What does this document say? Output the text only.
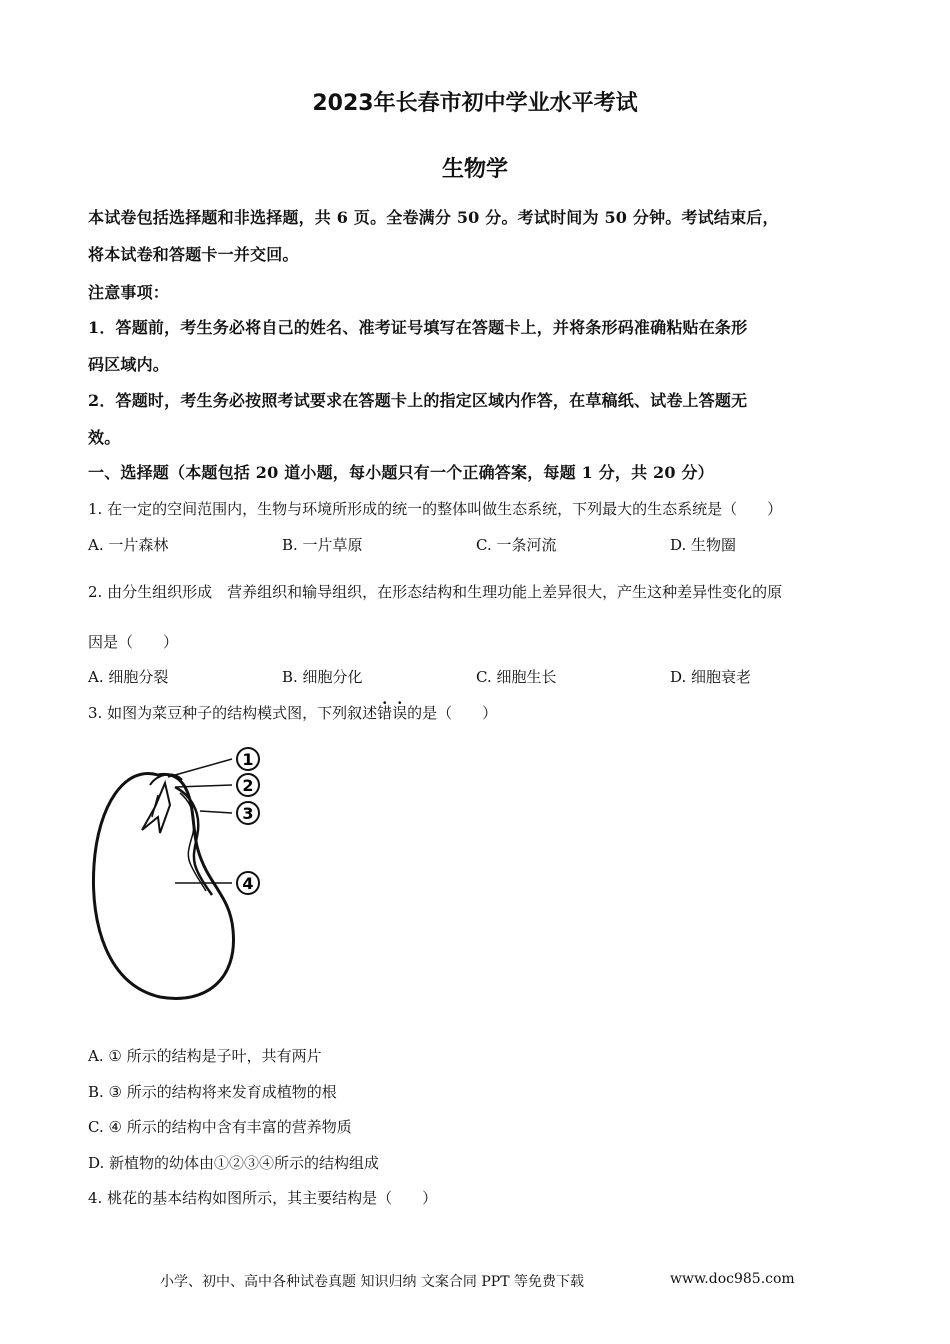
2023年长春市初中学业水平考试
生物学
本试卷包括选择题和非选择题，共 6 页。全卷满分 50 分。考试时间为 50 分钟。考试结束后，
将本试卷和答题卡一并交回。
注意事项：
1．答题前，考生务必将自己的姓名、准考证号填写在答题卡上，并将条形码准确粘贴在条形
码区域内。
2．答题时，考生务必按照考试要求在答题卡上的指定区域内作答，在草稿纸、试卷上答题无
效。
一、选择题（本题包括 20 道小题，每小题只有一个正确答案，每题 1 分，共 20 分）
1. 在一定的空间范围内，生物与环境所形成的统一的整体叫做生态系统，下列最大的生态系统是（　　）
A. 一片森林	B. 一片草原	C. 一条河流	D. 生物圈
2. 由分生组织形成　营养组织和输导组织，在形态结构和生理功能上差异很大，产生这种差异性变化的原
因是（　　）
A. 细胞分裂	B. 细胞分化	C. 细胞生长	D. 细胞衰老
3. 如图为菜豆种子的结构模式图，下列叙述错误的是（　　）
1
2
3
4
A. ① 所示的结构是子叶，共有两片
B. ③ 所示的结构将来发育成植物的根
C. ④ 所示的结构中含有丰富的营养物质
D. 新植物的幼体由①②③④所示的结构组成
4. 桃花的基本结构如图所示，其主要结构是（　　）
小学、初中、高中各种试卷真题 知识归纳 文案合同 PPT 等免费下载	www.doc985.com
